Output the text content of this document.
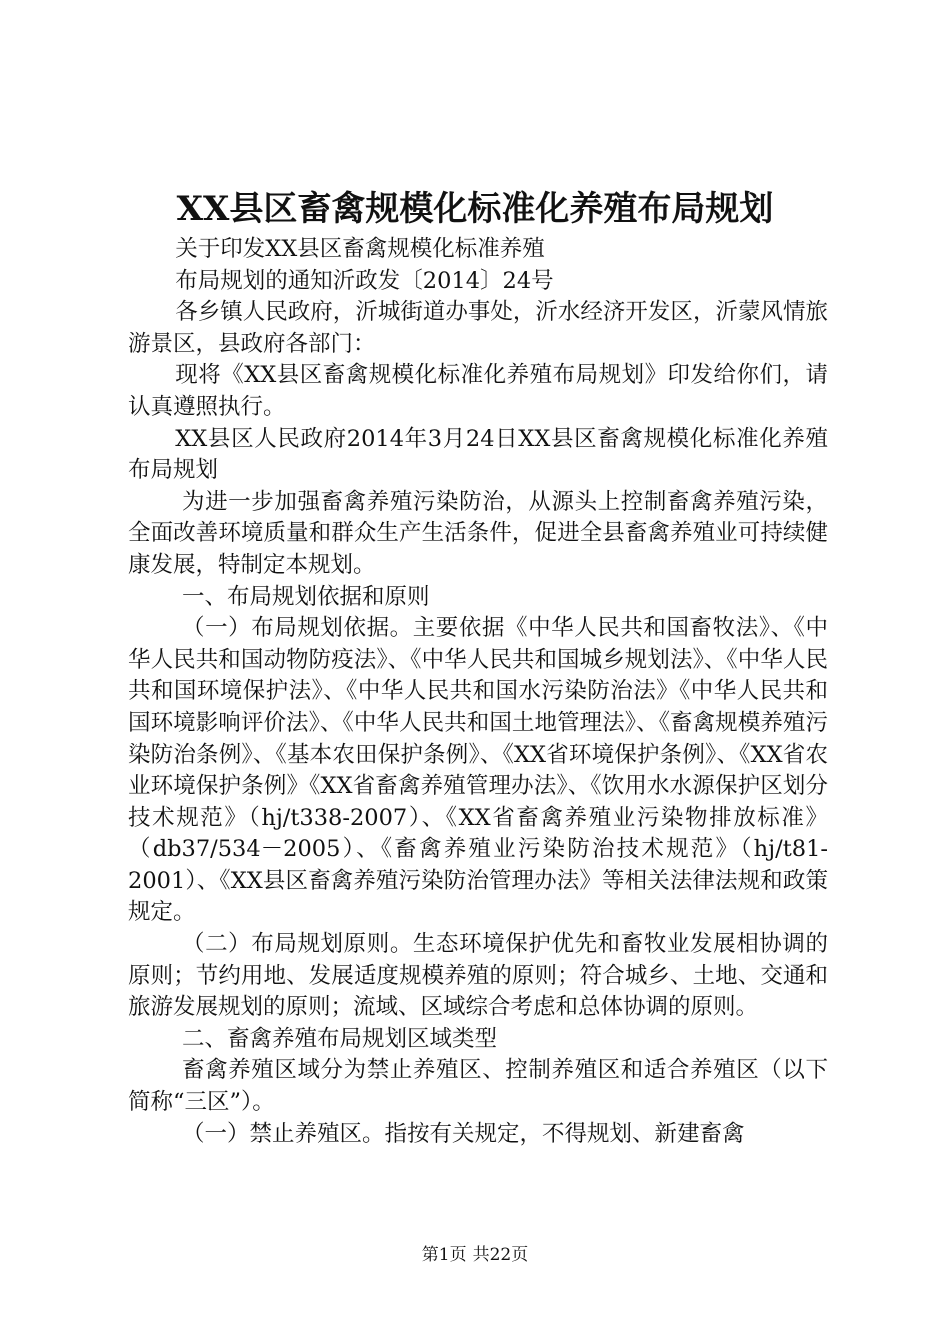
XX县区畜禽规模化标准化养殖布局规划

关于印发XX县区畜禽规模化标准养殖

布局规划的通知沂政发〔2014〕24号

各乡镇人民政府，沂城街道办事处，沂水经济开发区，沂蒙风情旅游景区，县政府各部门：

现将《XX县区畜禽规模化标准化养殖布局规划》印发给你们，请认真遵照执行。

XX县区人民政府2014年3月24日XX县区畜禽规模化标准化养殖布局规划

为进一步加强畜禽养殖污染防治，从源头上控制畜禽养殖污染，全面改善环境质量和群众生产生活条件，促进全县畜禽养殖业可持续健康发展，特制定本规划。

一、布局规划依据和原则

（一）布局规划依据。主要依据《中华人民共和国畜牧法》、《中华人民共和国动物防疫法》、《中华人民共和国城乡规划法》、《中华人民共和国环境保护法》、《中华人民共和国水污染防治法》《中华人民共和国环境影响评价法》、《中华人民共和国土地管理法》、《畜禽规模养殖污染防治条例》、《基本农田保护条例》、《XX省环境保护条例》、《XX省农业环境保护条例》《XX省畜禽养殖管理办法》、《饮用水水源保护区划分技术规范》（hj/t338-2007）、《XX省畜禽养殖业污染物排放标准》（db37/534－2005）、《畜禽养殖业污染防治技术规范》（hj/t81-2001）、《XX县区畜禽养殖污染防治管理办法》等相关法律法规和政策规定。

（二）布局规划原则。生态环境保护优先和畜牧业发展相协调的原则；节约用地、发展适度规模养殖的原则；符合城乡、土地、交通和旅游发展规划的原则；流域、区域综合考虑和总体协调的原则。

二、畜禽养殖布局规划区域类型

畜禽养殖区域分为禁止养殖区、控制养殖区和适合养殖区（以下简称“三区”）。

（一）禁止养殖区。指按有关规定，不得规划、新建畜禽

第1页 共22页
